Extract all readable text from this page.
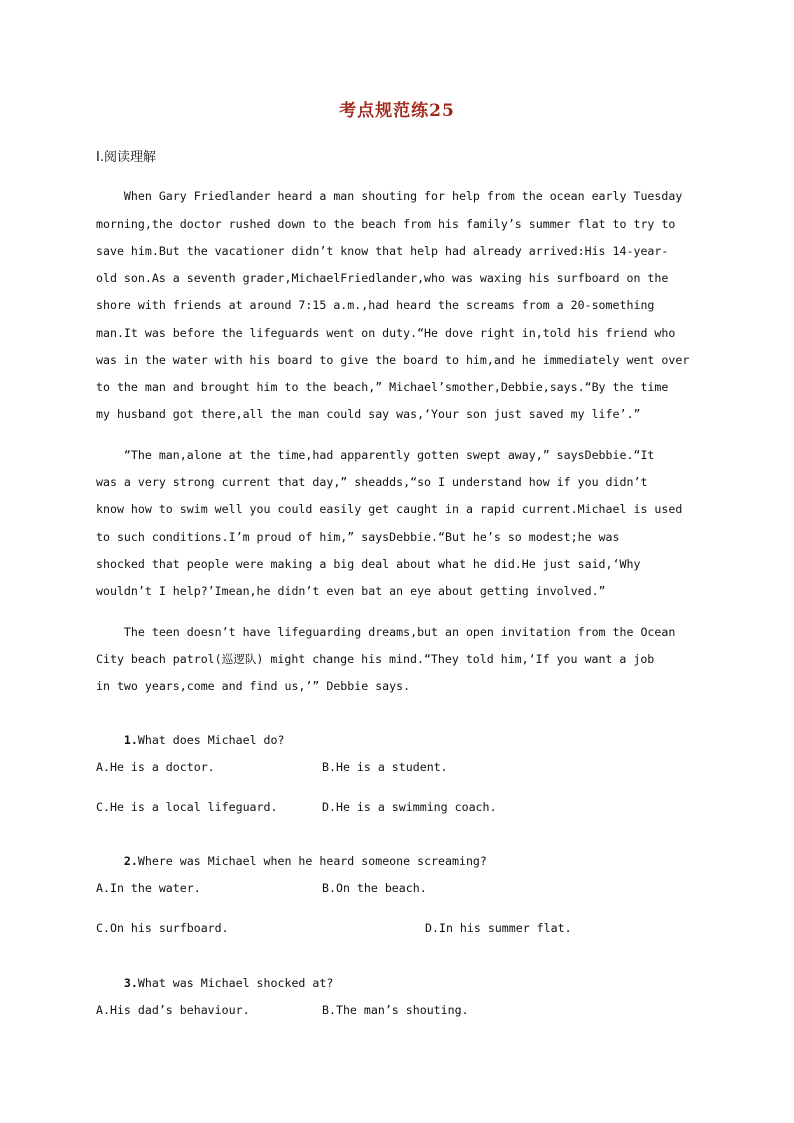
考点规范练25
Ⅰ.阅读理解
When Gary Friedlander heard a man shouting for help from the ocean early Tuesday
morning,the doctor rushed down to the beach from his family’s summer flat to try to
save him.But the vacationer didn’t know that help had already arrived:His 14-year-
old son.As a seventh grader,MichaelFriedlander,who was waxing his surfboard on the
shore with friends at around 7:15 a.m.,had heard the screams from a 20-something
man.It was before the lifeguards went on duty.“He dove right in,told his friend who
was in the water with his board to give the board to him,and he immediately went over
to the man and brought him to the beach,” Michael’smother,Debbie,says.“By the time
my husband got there,all the man could say was,‘Your son just saved my life’.”
“The man,alone at the time,had apparently gotten swept away,” saysDebbie.“It
was a very strong current that day,” sheadds,“so I understand how if you didn’t
know how to swim well you could easily get caught in a rapid current.Michael is used
to such conditions.I’m proud of him,” saysDebbie.“But he’s so modest;he was
shocked that people were making a big deal about what he did.He just said,‘Why
wouldn’t I help?’Imean,he didn’t even bat an eye about getting involved.”
The teen doesn’t have lifeguarding dreams,but an open invitation from the Ocean
City beach patrol(巡逻队) might change his mind.“They told him,‘If you want a job
in two years,come and find us,’” Debbie says.

1.What does Michael do?

A.He is a doctor.	B.He is a student.
C.He is a local lifeguard.	D.He is a swimming coach.

2.Where was Michael when he heard someone screaming?

A.In the water.	B.On the beach.
C.On his surfboard.	D.In his summer flat.

3.What was Michael shocked at?

A.His dad’s behaviour.	B.The man’s shouting.
